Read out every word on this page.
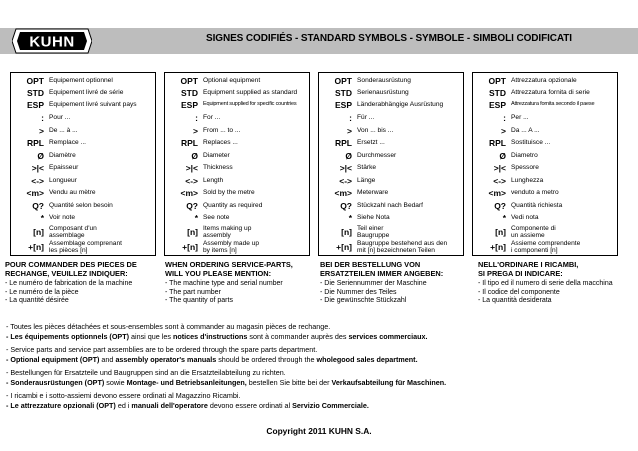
KUHN	SIGNES CODIFIÉS - STANDARD SYMBOLS - SYMBOLE - SIMBOLI CODIFICATI
OPT Equipement optionnel
STD Equipement livré de série
ESP Equipement livré suivant pays
: Pour ...
> De ... à ...
RPL Remplace ...
Ø Diamètre
>|< Epaisseur
<-> Longueur
<m> Vendu au mètre
Q? Quantité selon besoin
* Voir note
[n] Composant d'un
assemblage
+[n] Assemblage comprenant
les pièces [n]
OPT Optional equipment
STD Equipment supplied as standard
ESP Equipment supplied for specific countries
: For ...
> From ... to ...
RPL Replaces ...
Ø Diameter
>|< Thickness
<-> Length
<m> Sold by the metre
Q? Quantity as required
* See note
[n] Items making up
assembly
+[n] Assembly made up
by items [n]
OPT Sonderausrüstung
STD Serienausrüstung
ESP Länderabhängige Ausrüstung
: Für ...
> Von ... bis ...
RPL Ersetzt ...
Ø Durchmesser
>|< Stärke
<-> Länge
<m> Meterware
Q? Stückzahl nach Bedarf
* Siehe Nota
[n] Teil einer
Baugruppe
+[n] Baugruppe bestehend aus den
mit [n] bezeichneten Teilen
OPT Attrezzatura opzionale
STD Attrezzatura fornita di serie
ESP Attrezzatura fornita secondo il paese
: Per ...
> Da ... A ...
RPL Sostituisce ...
Ø Diametro
>|< Spessore
<-> Lunghezza
<m> venduto a metro
Q? Quantità richiesta
* Vedi nota
[n] Componente di
un assieme
+[n] Assieme comprendente
i componenti [n]
POUR COMMANDER DES PIECES DE
RECHANGE, VEUILLEZ INDIQUER:
- Le numéro de fabrication de la machine
- Le numéro de la pièce
- La quantité désirée
WHEN ORDERING SERVICE-PARTS,
WILL YOU PLEASE MENTION:
- The machine type and serial number
- The part number
- The quantity of parts
BEI DER BESTELLUNG VON
ERSATZTEILEN IMMER ANGEBEN:
- Die Seriennummer der Maschine
- Die Nummer des Teiles
- Die gewünschte Stückzahl
NELL'ORDINARE I RICAMBI,
SI PREGA DI INDICARE:
- Il tipo ed il numero di serie della macchina
- Il codice del componente
- La quantità desiderata
- Toutes les pièces détachées et sous-ensembles sont à commander au magasin pièces de rechange.
- Les équipements optionnels (OPT) ainsi que les notices d'instructions sont à commander auprès des services commerciaux.
- Service parts and service part assemblies are to be ordered through the spare parts department.
- Optional equipment (OPT) and assembly operator's manuals should be ordered through the wholegood sales department.
- Bestellungen für Ersatzteile und Baugruppen sind an die Ersatzteilabteilung zu richten.
- Sonderausrüstungen (OPT) sowie Montage- und Betriebsanleitungen, bestellen Sie bitte bei der Verkaufsabteilung für Maschinen.
- I ricambi e i sotto-assiemi devono essere ordinati al Magazzino Ricambi.
- Le attrezzature opzionali (OPT) ed i manuali dell'operatore devono essere ordinati al Servizio Commerciale.
Copyright 2011 KUHN S.A.
